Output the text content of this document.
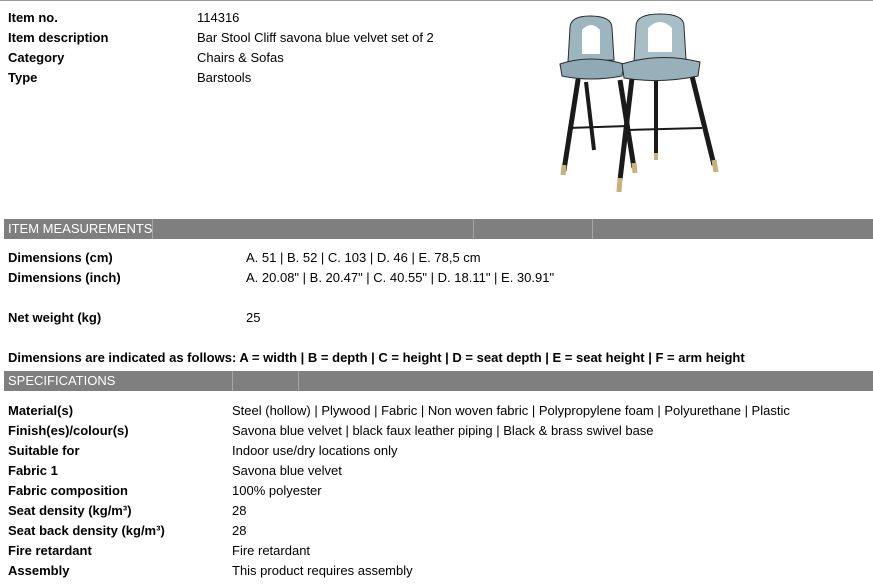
Item no.	114316
Item description	Bar Stool Cliff savona blue velvet set of 2
Category	Chairs & Sofas
Type	Barstools
ITEM MEASUREMENTS
Dimensions (cm)	A. 51 | B. 52 | C. 103 | D. 46 | E. 78,5 cm
Dimensions (inch)	A. 20.08" | B. 20.47" | C. 40.55" | D. 18.11" | E. 30.91"
Net weight (kg)	25
Dimensions are indicated as follows: A = width | B = depth | C = height | D = seat depth | E = seat height | F = arm height
SPECIFICATIONS
Material(s)	Steel (hollow) | Plywood | Fabric | Non woven fabric | Polypropylene foam | Polyurethane | Plastic
Finish(es)/colour(s)	Savona blue velvet | black faux leather piping | Black & brass swivel base
Suitable for	Indoor use/dry locations only
Fabric 1	Savona blue velvet
Fabric composition	100% polyester
Seat density (kg/m³)	28
Seat back density (kg/m³)	28
Fire retardant	Fire retardant
Assembly	This product requires assembly
